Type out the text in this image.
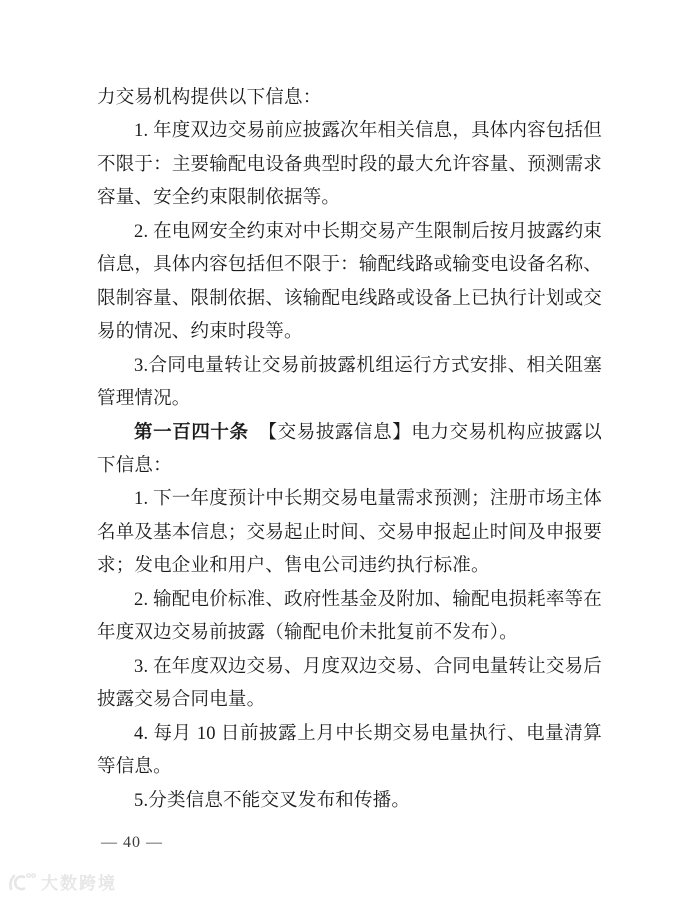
力交易机构提供以下信息：

1. 年度双边交易前应披露次年相关信息，具体内容包括但不限于：主要输配电设备典型时段的最大允许容量、预测需求容量、安全约束限制依据等。

2. 在电网安全约束对中长期交易产生限制后按月披露约束信息，具体内容包括但不限于：输配线路或输变电设备名称、限制容量、限制依据、该输配电线路或设备上已执行计划或交易的情况、约束时段等。

3.合同电量转让交易前披露机组运行方式安排、相关阻塞管理情况。

第一百四十条　【交易披露信息】电力交易机构应披露以下信息：

1. 下一年度预计中长期交易电量需求预测；注册市场主体名单及基本信息；交易起止时间、交易申报起止时间及申报要求；发电企业和用户、售电公司违约执行标准。

2. 输配电价标准、政府性基金及附加、输配电损耗率等在年度双边交易前披露（输配电价未批复前不发布）。

3. 在年度双边交易、月度双边交易、合同电量转让交易后披露交易合同电量。

4. 每月 10 日前披露上月中长期交易电量执行、电量清算等信息。

5.分类信息不能交叉发布和传播。

— 40 —
大数跨境
